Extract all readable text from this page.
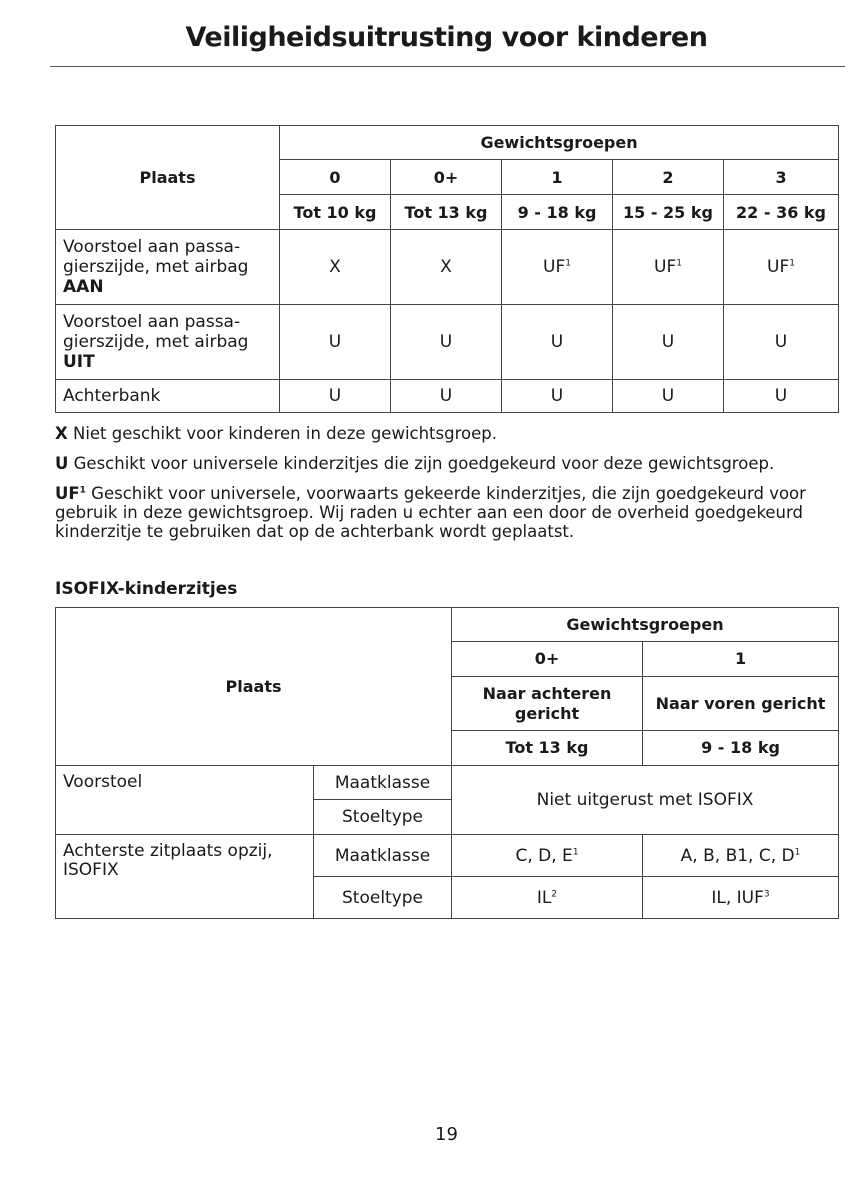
Veiligheidsuitrusting voor kinderen
Plaats	Gewichtsgroepen				
	0	0+	1	2	3
	Tot 10 kg	Tot 13 kg	9 - 18 kg	15 - 25 kg	22 - 36 kg

Voorstoel aan passa-
gierszijde, met airbag
AAN	X	X	$UF^1$	$UF^1$	$UF^1$

Voorstoel aan passa-
gierszijde, met airbag
UIT	U	U	U	U	U
Achterbank	U	U	U	U	U
X Niet geschikt voor kinderen in deze gewichtsgroep.
U Geschikt voor universele kinderzitjes die zijn goedgekeurd voor deze gewichtsgroep.
$UF^1$ Geschikt voor universele, voorwaarts gekeerde kinderzitjes, die zijn goedgekeurd voor gebruik in deze gewichtsgroep. Wij raden u echter aan een door de overheid goedgekeurd kinderzitje te gebruiken dat op de achterbank wordt geplaatst.
ISOFIX-kinderzitjes
Plaats		Gewichtsgroepen	
		0+	1

		Naar achteren gericht	Naar voren gericht
		Tot 13 kg	9 - 18 kg
Voorstoel	Maatklasse	Niet uitgerust met ISOFIX	
	Stoeltype		

Achterste zitplaats opzij, ISOFIX	Maatklasse	C, D, $E^1$	A, B, B1, C, $D^1$
	Stoeltype	$IL^2$	IL, IUF$^3$
19
